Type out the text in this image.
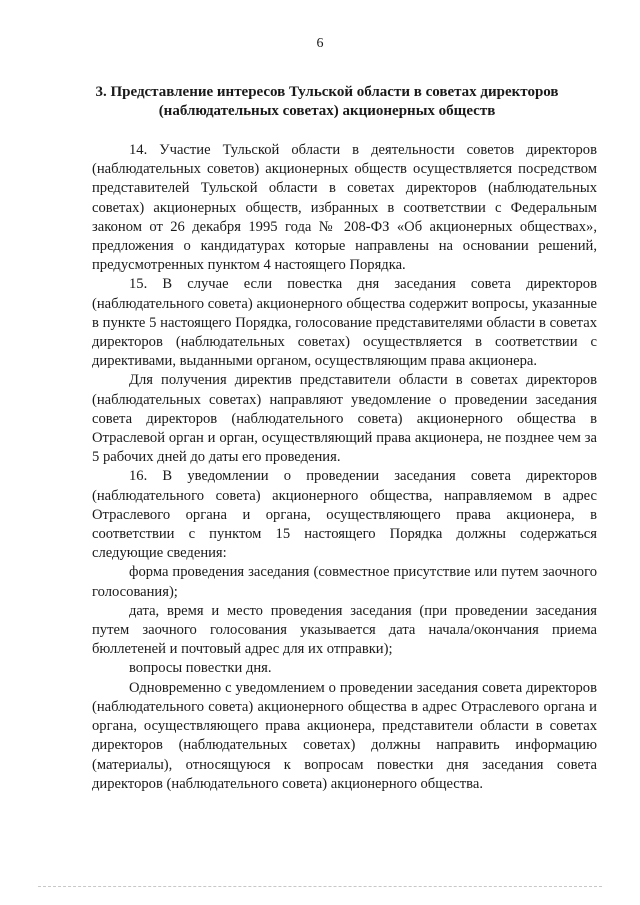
6
3. Представление интересов Тульской области в советах директоров
(наблюдательных советах) акционерных обществ

14. Участие Тульской области в деятельности советов директоров (наблюдательных советов) акционерных обществ осуществляется посредством представителей Тульской области в советах директоров (наблюдательных советах) акционерных обществ, избранных в соответствии с Федеральным законом от 26 декабря 1995 года № 208-ФЗ «Об акционерных обществах», предложения о кандидатурах которые направлены на основании решений, предусмотренных пунктом 4 настоящего Порядка.

15. В случае если повестка дня заседания совета директоров (наблюдательного совета) акционерного общества содержит вопросы, указанные в пункте 5 настоящего Порядка, голосование представителями области в советах директоров (наблюдательных советах) осуществляется в соответствии с директивами, выданными органом, осуществляющим права акционера.

Для получения директив представители области в советах директоров (наблюдательных советах) направляют уведомление о проведении заседания совета директоров (наблюдательного совета) акционерного общества в Отраслевой орган и орган, осуществляющий права акционера, не позднее чем за 5 рабочих дней до даты его проведения.

16. В уведомлении о проведении заседания совета директоров (наблюдательного совета) акционерного общества, направляемом в адрес Отраслевого органа и органа, осуществляющего права акционера, в соответствии с пунктом 15 настоящего Порядка должны содержаться следующие сведения:

форма проведения заседания (совместное присутствие или путем заочного голосования);

дата, время и место проведения заседания (при проведении заседания путем заочного голосования указывается дата начала/окончания приема бюллетеней и почтовый адрес для их отправки);

вопросы повестки дня.

Одновременно с уведомлением о проведении заседания совета директоров (наблюдательного совета) акционерного общества в адрес Отраслевого органа и органа, осуществляющего права акционера, представители области в советах директоров (наблюдательных советах) должны направить информацию (материалы), относящуюся к вопросам повестки дня заседания совета директоров (наблюдательного совета) акционерного общества.
